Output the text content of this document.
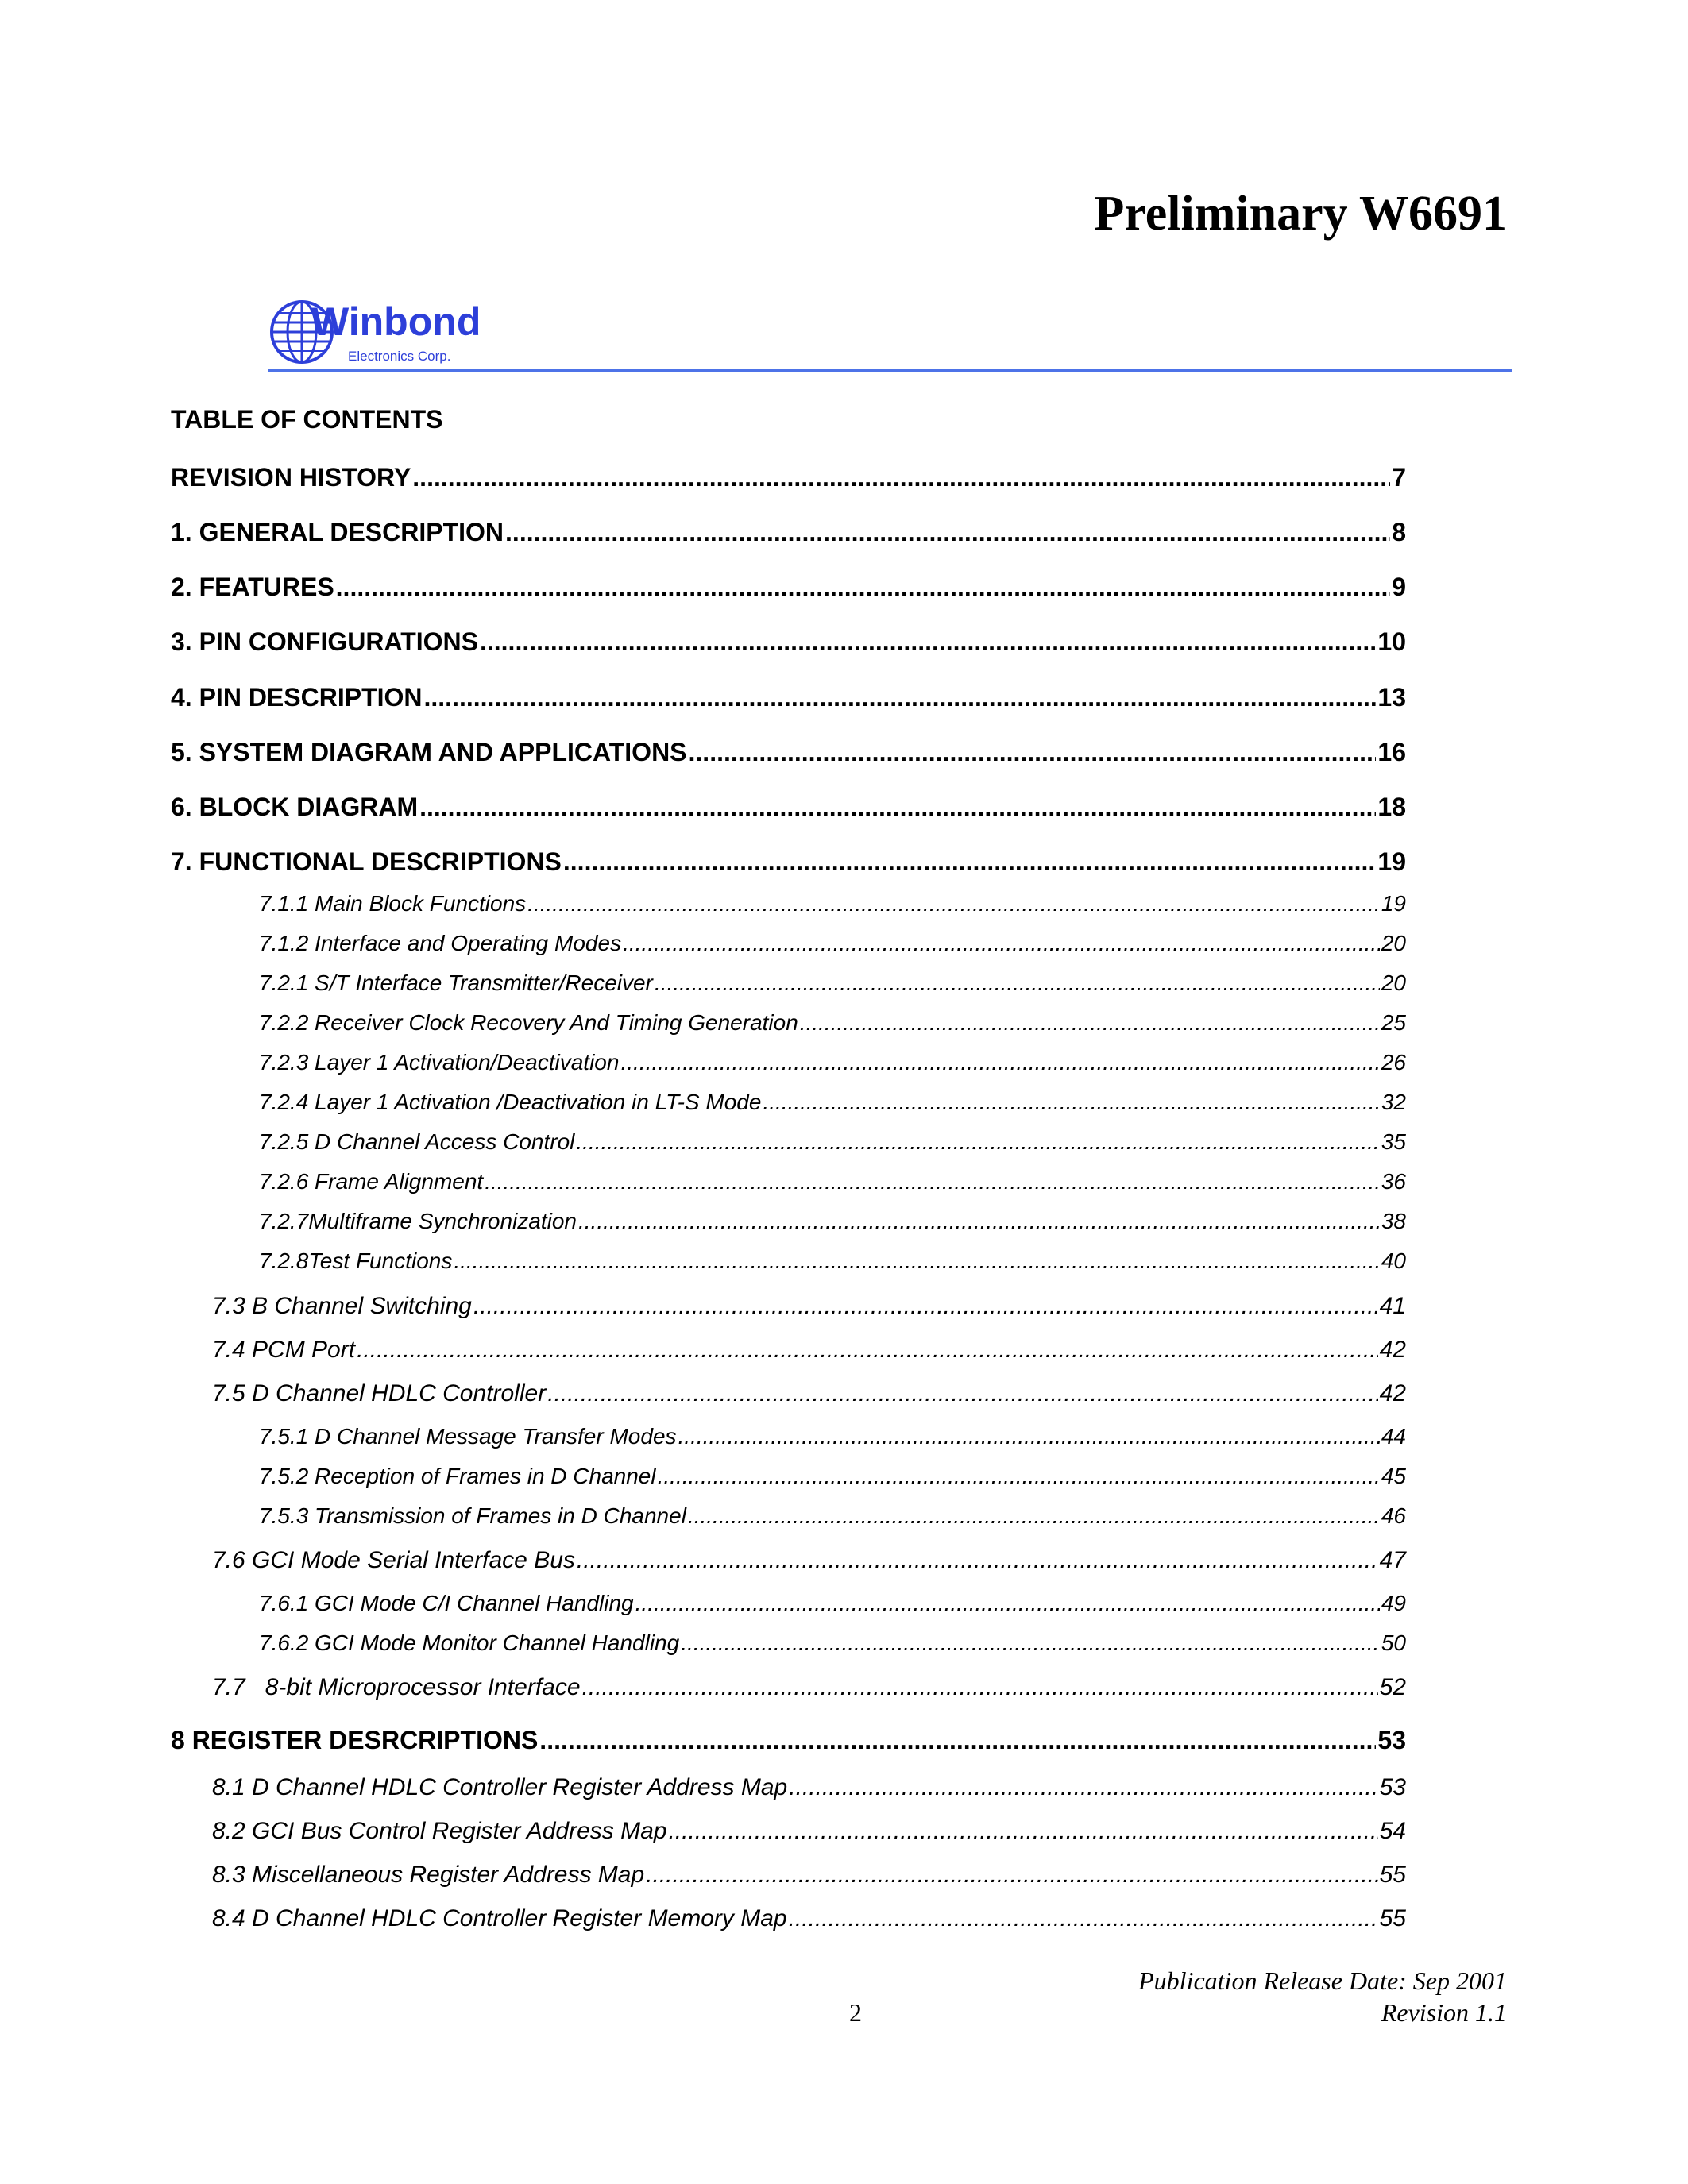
Preliminary W6691
Winbond
Electronics Corp.
TABLE OF CONTENTS
REVISION HISTORY .....	7
1. GENERAL DESCRIPTION .....	8
2. FEATURES .....	9
3. PIN CONFIGURATIONS .....	10
4. PIN DESCRIPTION .....	13
5. SYSTEM DIAGRAM AND APPLICATIONS .....	16
6. BLOCK DIAGRAM .....	18
7. FUNCTIONAL DESCRIPTIONS .....	19
7.1.1 Main Block Functions .....	19
7.1.2 Interface and Operating Modes .....	20
7.2.1 S/T Interface Transmitter/Receiver .....	20
7.2.2 Receiver Clock Recovery And Timing Generation .....	25
7.2.3 Layer 1 Activation/Deactivation .....	26
7.2.4 Layer 1 Activation /Deactivation in LT-S Mode .....	32
7.2.5 D Channel Access Control .....	35
7.2.6 Frame Alignment .....	36
7.2.7Multiframe Synchronization .....	38
7.2.8Test Functions .....	40
7.3 B Channel Switching .....	41
7.4 PCM Port .....	42
7.5 D Channel HDLC Controller .....	42
7.5.1 D Channel Message Transfer Modes .....	44
7.5.2 Reception of Frames in D Channel .....	45
7.5.3 Transmission of Frames in D Channel .....	46
7.6 GCI Mode Serial Interface Bus .....	47
7.6.1 GCI Mode C/I Channel Handling .....	49
7.6.2 GCI Mode Monitor Channel Handling .....	50
7.7   8-bit Microprocessor Interface .....	52
8 REGISTER DESRCRIPTIONS .....	53
8.1 D Channel HDLC Controller Register Address Map .....	53
8.2 GCI Bus Control Register Address Map .....	54
8.3 Miscellaneous Register Address Map .....	55
8.4 D Channel HDLC Controller Register Memory Map .....	55
Publication Release Date: Sep 2001
2	Revision 1.1
